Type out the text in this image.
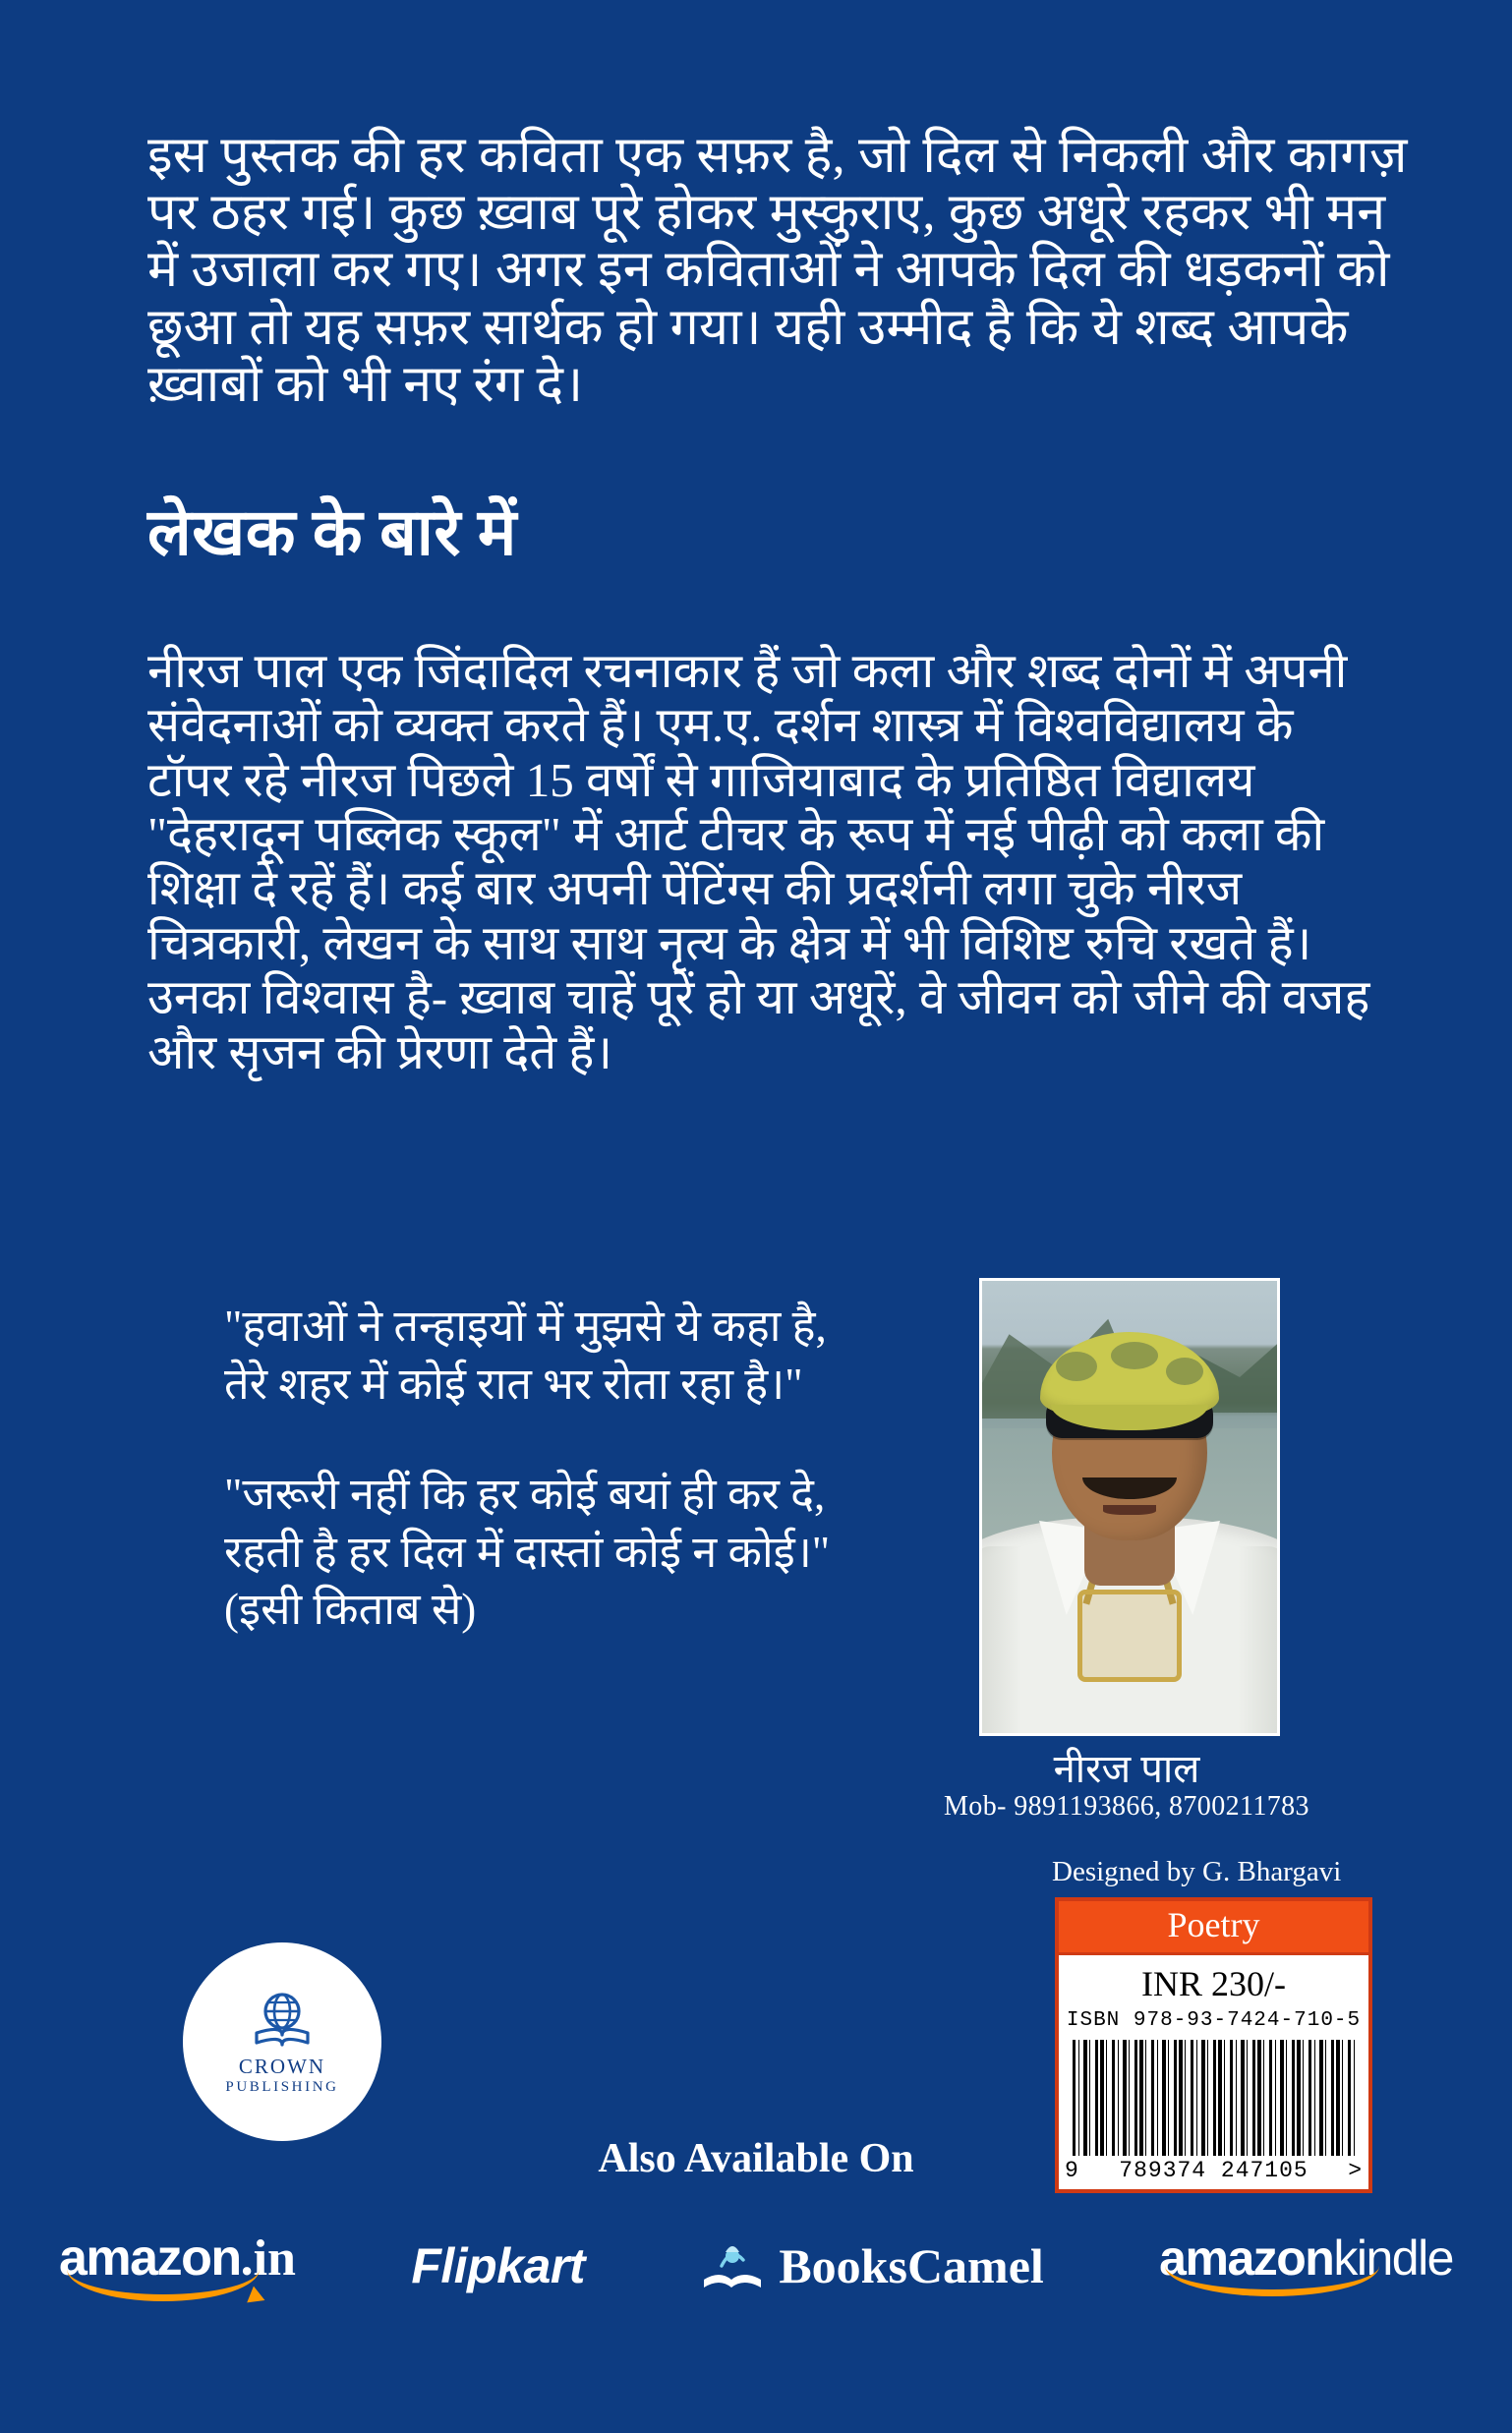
इस पुस्तक की हर कविता एक सफ़र है, जो दिल से निकली और कागज़
पर ठहर गई। कुछ ख़्वाब पूरे होकर मुस्कुराए, कुछ अधूरे रहकर भी मन
में उजाला कर गए। अगर इन कविताओं ने आपके दिल की धड़कनों को
छूआ तो यह सफ़र सार्थक हो गया। यही उम्मीद है कि ये शब्द आपके
ख़्वाबों को भी नए रंग दे।
लेखक के बारे में
नीरज पाल एक जिंदादिल रचनाकार हैं जो कला और शब्द दोनों में अपनी
संवेदनाओं को व्यक्त करते हैं। एम.ए. दर्शन शास्त्र में विश्वविद्यालय के
टॉपर रहे नीरज पिछले 15 वर्षों से गाजियाबाद के प्रतिष्ठित विद्यालय
"देहरादून पब्लिक स्कूल" में आर्ट टीचर के रूप में नई पीढ़ी को कला की
शिक्षा दे रहें हैं। कई बार अपनी पेंटिंग्स की प्रदर्शनी लगा चुके नीरज
चित्रकारी, लेखन के साथ साथ नृत्य के क्षेत्र में भी विशिष्ट रुचि रखते हैं।
उनका विश्वास है- ख़्वाब चाहें पूरें हो या अधूरें, वे जीवन को जीने की वजह
और सृजन की प्रेरणा देते हैं।
"हवाओं ने तन्हाइयों में मुझसे ये कहा है,
तेरे शहर में कोई रात भर रोता रहा है।"
"जरूरी नहीं कि हर कोई बयां ही कर दे,
रहती है हर दिल में दास्तां कोई न कोई।"
(इसी किताब से)
नीरज पाल
Mob- 9891193866, 8700211783
Designed by G. Bhargavi
Poetry
INR 230/-
ISBN 978-93-7424-710-5
9 789374 247105 >
CROWN
PUBLISHING
Also Available On
amazon.in Flipkart	BooksCamel amazonkindle
